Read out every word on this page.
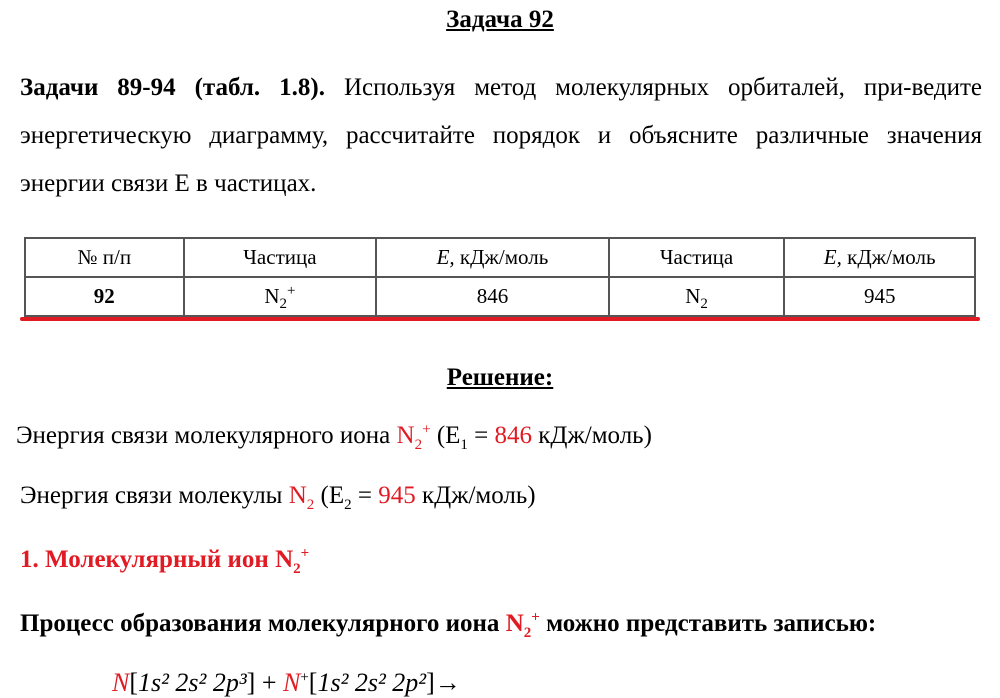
Задача 92
Задачи 89-94 (табл. 1.8). Используя метод молекулярных орбиталей, при-ведите энергетическую диаграмму, рассчитайте порядок и объясните различные значения энергии связи Е в частицах.
№ п/п	Частица	E, кДж/моль	Частица	E, кДж/моль
92	$N_2^+$	846	$N_2$	945
Решение:
Энергия связи молекулярного иона $N_2^+$ ($E_1 = 846$ кДж/моль)
Энергия связи молекулы $N_2$ ($E_2 = 945$ кДж/моль)
1. Молекулярный ион $N_2^+$
Процесс образования молекулярного иона $N_2^+$ можно представить записью:
N[1s² 2s² 2p³] + N+[1s² 2s² 2p²]→
